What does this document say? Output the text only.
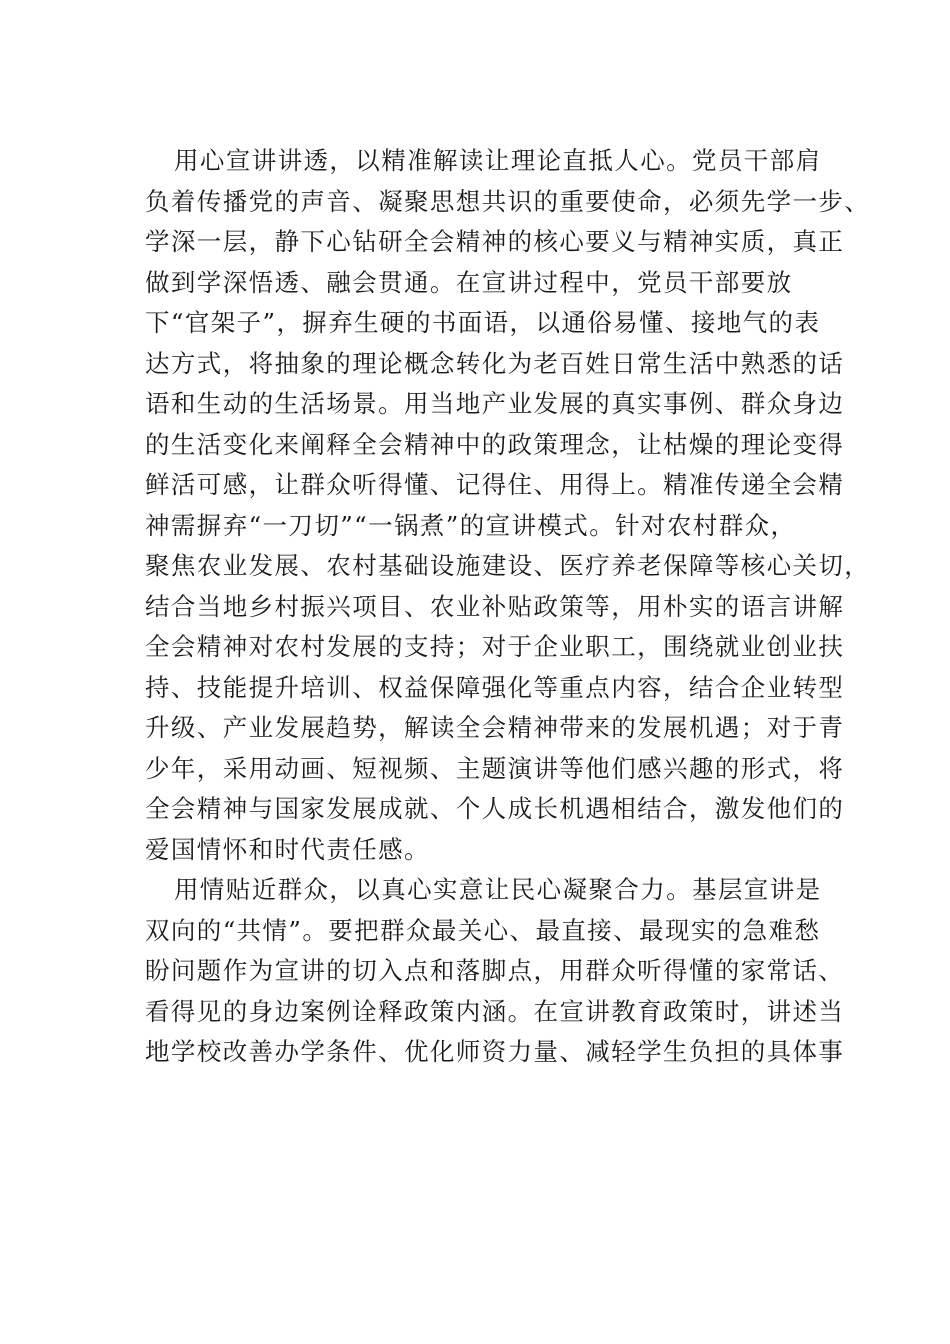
用心宣讲讲透，以精准解读让理论直抵人心。党员干部肩
负着传播党的声音、凝聚思想共识的重要使命，必须先学一步、
学深一层，静下心钻研全会精神的核心要义与精神实质，真正
做到学深悟透、融会贯通。在宣讲过程中，党员干部要放
下“官架子”，摒弃生硬的书面语，以通俗易懂、接地气的表
达方式，将抽象的理论概念转化为老百姓日常生活中熟悉的话
语和生动的生活场景。用当地产业发展的真实事例、群众身边
的生活变化来阐释全会精神中的政策理念，让枯燥的理论变得
鲜活可感，让群众听得懂、记得住、用得上。精准传递全会精
神需摒弃“一刀切”“一锅煮”的宣讲模式。针对农村群众，
聚焦农业发展、农村基础设施建设、医疗养老保障等核心关切，
结合当地乡村振兴项目、农业补贴政策等，用朴实的语言讲解
全会精神对农村发展的支持；对于企业职工，围绕就业创业扶
持、技能提升培训、权益保障强化等重点内容，结合企业转型
升级、产业发展趋势，解读全会精神带来的发展机遇；对于青
少年，采用动画、短视频、主题演讲等他们感兴趣的形式，将
全会精神与国家发展成就、个人成长机遇相结合，激发他们的
爱国情怀和时代责任感。
用情贴近群众，以真心实意让民心凝聚合力。基层宣讲是
双向的“共情”。要把群众最关心、最直接、最现实的急难愁
盼问题作为宣讲的切入点和落脚点，用群众听得懂的家常话、
看得见的身边案例诠释政策内涵。在宣讲教育政策时，讲述当
地学校改善办学条件、优化师资力量、减轻学生负担的具体事
